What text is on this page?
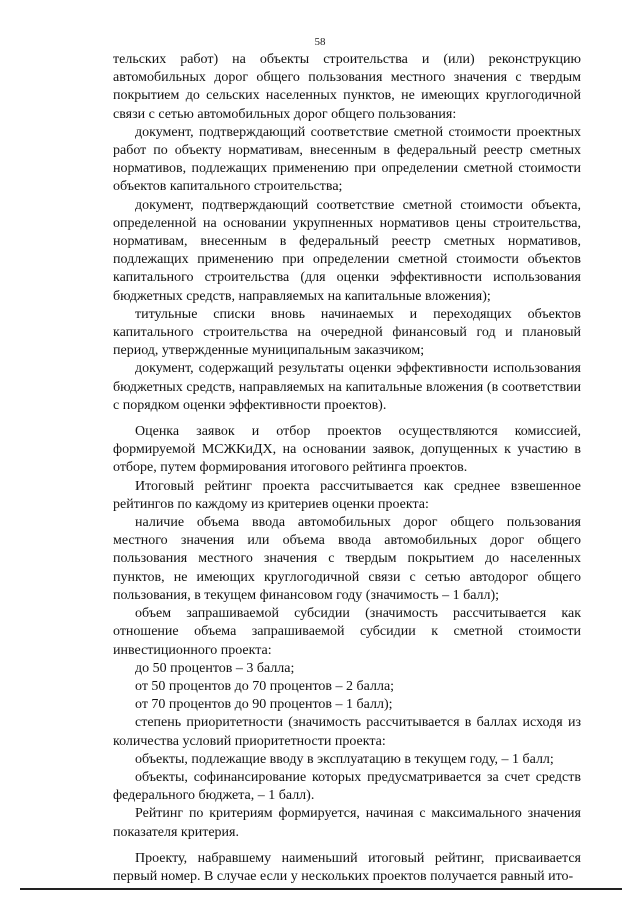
58

тельских работ) на объекты строительства и (или) реконструкцию автомобильных дорог общего пользования местного значения с твердым покрытием до сельских населенных пунктов, не имеющих круглогодичной связи с сетью автомобильных дорог общего пользования:

документ, подтверждающий соответствие сметной стоимости проектных работ по объекту нормативам, внесенным в федеральный реестр сметных нормативов, подлежащих применению при определении сметной стоимости объектов капитального строительства;

документ, подтверждающий соответствие сметной стоимости объекта, определенной на основании укрупненных нормативов цены строительства, нормативам, внесенным в федеральный реестр сметных нормативов, подлежащих применению при определении сметной стоимости объектов капитального строительства (для оценки эффективности использования бюджетных средств, направляемых на капитальные вложения);

титульные списки вновь начинаемых и переходящих объектов капитального строительства на очередной финансовый год и плановый период, утвержденные муниципальным заказчиком;

документ, содержащий результаты оценки эффективности использования бюджетных средств, направляемых на капитальные вложения (в соответствии с порядком оценки эффективности проектов).

Оценка заявок и отбор проектов осуществляются комиссией, формируемой МСЖКиДХ, на основании заявок, допущенных к участию в отборе, путем формирования итогового рейтинга проектов.

Итоговый рейтинг проекта рассчитывается как среднее взвешенное рейтингов по каждому из критериев оценки проекта:

наличие объема ввода автомобильных дорог общего пользования местного значения или объема ввода автомобильных дорог общего пользования местного значения с твердым покрытием до населенных пунктов, не имеющих круглогодичной связи с сетью автодорог общего пользования, в текущем финансовом году (значимость – 1 балл);

объем запрашиваемой субсидии (значимость рассчитывается как отношение объема запрашиваемой субсидии к сметной стоимости инвестиционного проекта:

до 50 процентов – 3 балла;

от 50 процентов до 70 процентов – 2 балла;

от 70 процентов до 90 процентов – 1 балл);

степень приоритетности (значимость рассчитывается в баллах исходя из количества условий приоритетности проекта:

объекты, подлежащие вводу в эксплуатацию в текущем году, – 1 балл;

объекты, софинансирование которых предусматривается за счет средств федерального бюджета, – 1 балл).

Рейтинг по критериям формируется, начиная с максимального значения показателя критерия.

Проекту, набравшему наименьший итоговый рейтинг, присваивается первый номер. В случае если у нескольких проектов получается равный ито-
